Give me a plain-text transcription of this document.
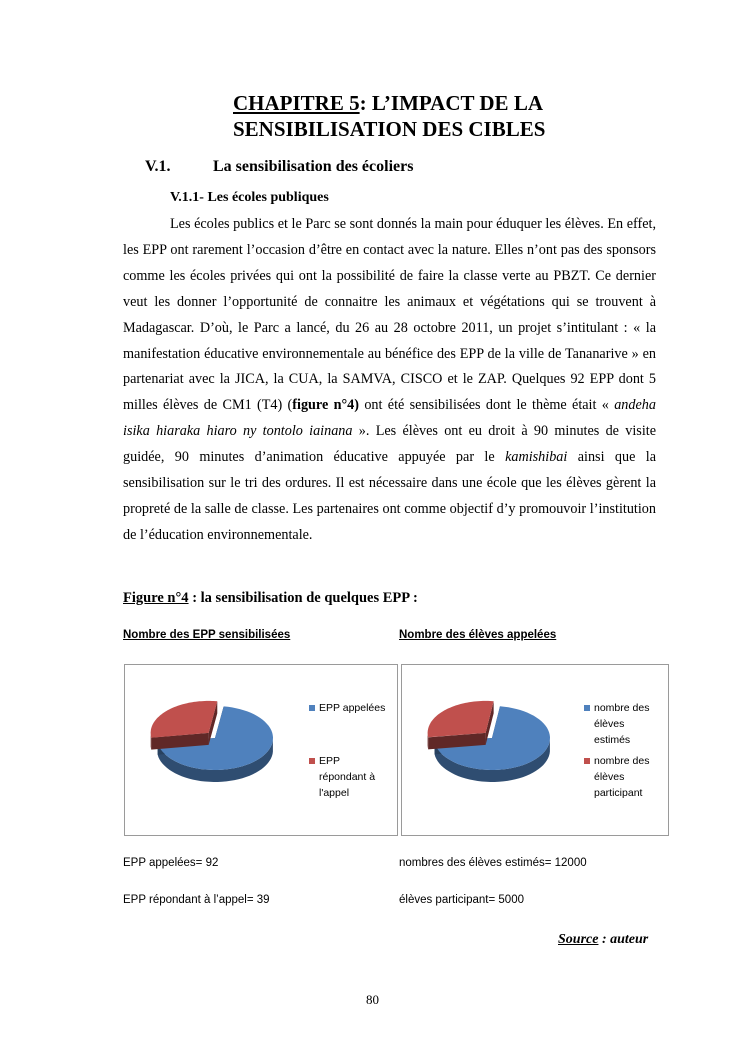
CHAPITRE 5: L’IMPACT DE LA
SENSIBILISATION DES CIBLES
V.1.	La sensibilisation des écoliers
V.1.1- Les écoles publiques

Les écoles publics et le Parc se sont donnés la main pour éduquer les élèves. En effet, les EPP ont rarement l’occasion d’être en contact avec la nature. Elles n’ont pas des sponsors comme les écoles privées qui ont la possibilité de faire la classe verte au PBZT. Ce dernier veut les donner l’opportunité de connaitre les animaux et végétations qui se trouvent à Madagascar. D’où, le Parc a lancé, du 26 au 28 octobre 2011, un projet s’intitulant : « la manifestation éducative environnementale au bénéfice des EPP de la ville de Tananarive » en partenariat avec la JICA, la CUA, la SAMVA, CISCO et le ZAP. Quelques 92 EPP dont 5 milles élèves de CM1 (T4) (figure n°4) ont été sensibilisées dont le thème était « andeha isika hiaraka hiaro ny tontolo iainana ». Les élèves ont eu droit à 90 minutes de visite guidée, 90 minutes d’animation éducative appuyée par le kamishibai ainsi que la sensibilisation sur le tri des ordures. Il est nécessaire dans une école que les élèves gèrent la propreté de la salle de classe. Les partenaires ont comme objectif d’y promouvoir l’institution de l’éducation environnementale.

Figure n°4 : la sensibilisation de quelques EPP :
Nombre des EPP sensibilisées	Nombre des élèves appelées
EPP appelées
EPP répondant à l'appel
nombre des élèves estimés
nombre des élèves participant
EPP appelées= 92
EPP répondant à l’appel= 39
nombres des élèves estimés= 12000
élèves participant= 5000
Source : auteur
80
